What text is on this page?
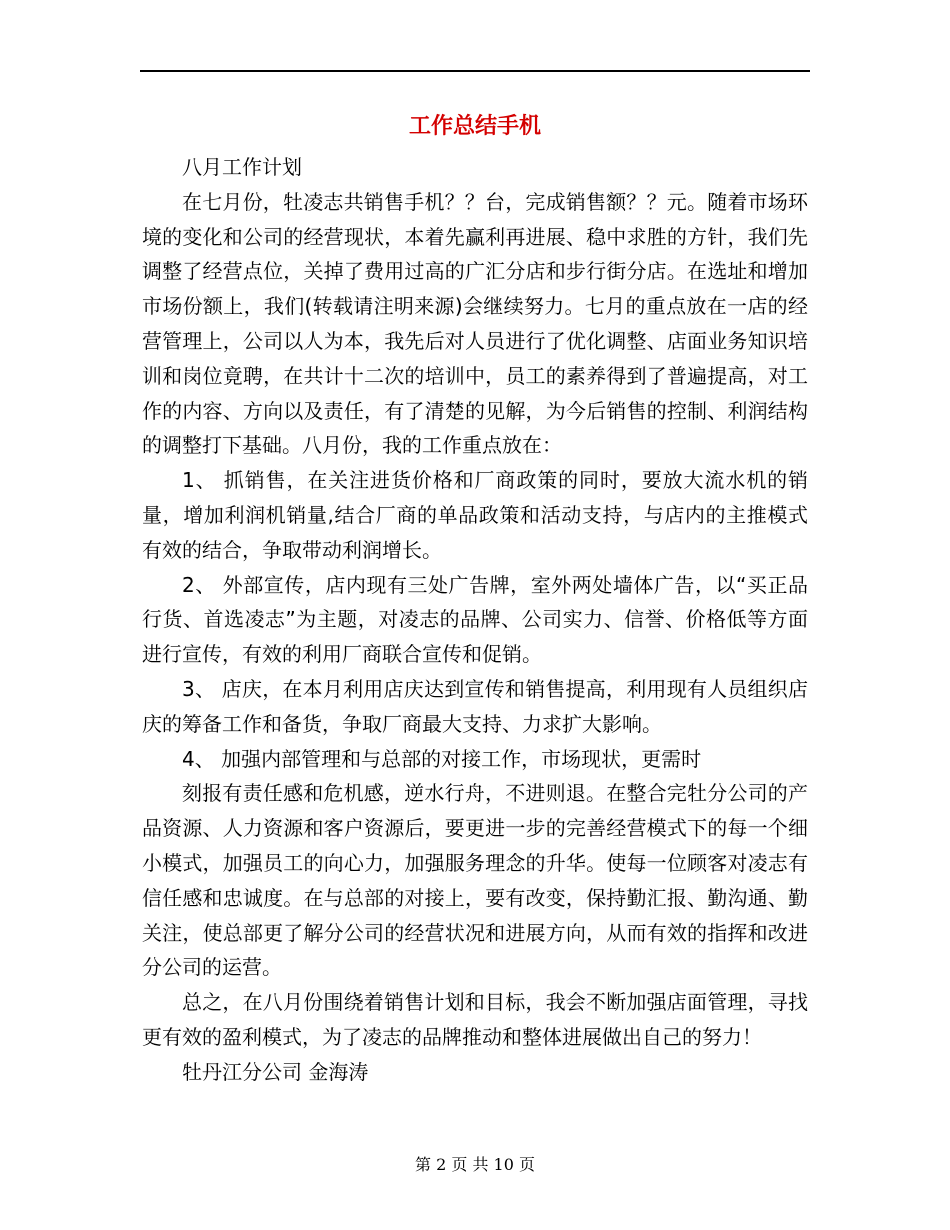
工作总结手机

八月工作计划

在七月份，牡凌志共销售手机？？台，完成销售额？？元。随着市场环境的变化和公司的经营现状，本着先赢利再进展、稳中求胜的方针，我们先调整了经营点位，关掉了费用过高的广汇分店和步行街分店。在选址和增加市场份额上，我们(转载请注明来源)会继续努力。七月的重点放在一店的经营管理上，公司以人为本，我先后对人员进行了优化调整、店面业务知识培训和岗位竟聘，在共计十二次的培训中，员工的素养得到了普遍提高，对工作的内容、方向以及责任，有了清楚的见解，为今后销售的控制、利润结构的调整打下基础。八月份，我的工作重点放在：

1、 抓销售，在关注进货价格和厂商政策的同时，要放大流水机的销量，增加利润机销量,结合厂商的单品政策和活动支持，与店内的主推模式有效的结合，争取带动利润增长。

2、 外部宣传，店内现有三处广告牌，室外两处墙体广告，以“买正品行货、首选凌志”为主题，对凌志的品牌、公司实力、信誉、价格低等方面进行宣传，有效的利用厂商联合宣传和促销。

3、 店庆，在本月利用店庆达到宣传和销售提高，利用现有人员组织店庆的筹备工作和备货，争取厂商最大支持、力求扩大影响。

4、 加强内部管理和与总部的对接工作，市场现状，更需时

刻报有责任感和危机感，逆水行舟，不进则退。在整合完牡分公司的产品资源、人力资源和客户资源后，要更进一步的完善经营模式下的每一个细小模式，加强员工的向心力，加强服务理念的升华。使每一位顾客对凌志有信任感和忠诚度。在与总部的对接上，要有改变，保持勤汇报、勤沟通、勤关注，使总部更了解分公司的经营状况和进展方向，从而有效的指挥和改进分公司的运营。

总之，在八月份围绕着销售计划和目标，我会不断加强店面管理，寻找更有效的盈利模式，为了凌志的品牌推动和整体进展做出自己的努力！

牡丹江分公司 金海涛

第 2 页 共 10 页
